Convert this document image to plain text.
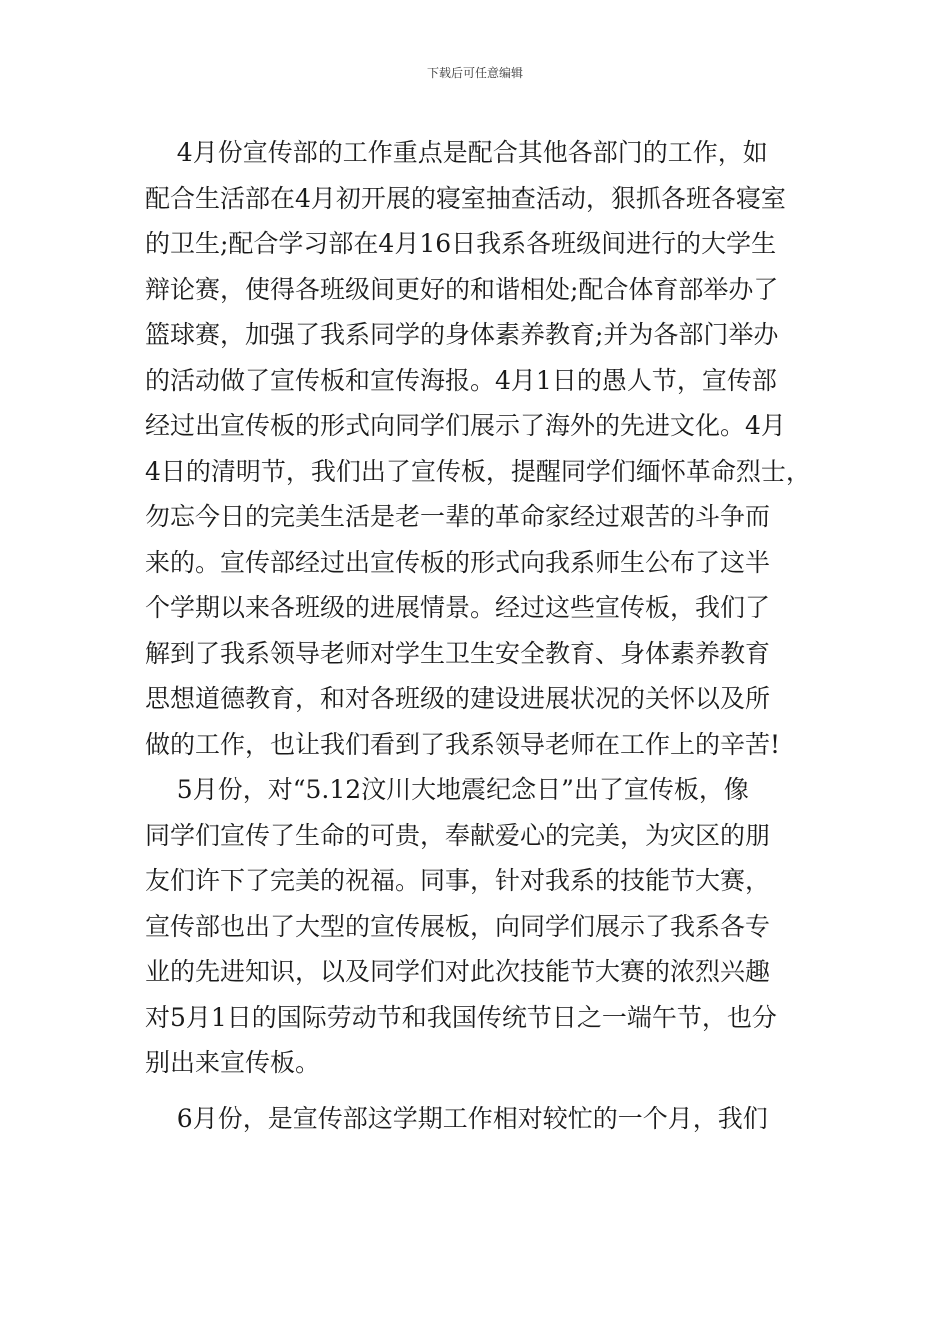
下载后可任意编辑
4月份宣传部的工作重点是配合其他各部门的工作，如
配合生活部在4月初开展的寝室抽查活动，狠抓各班各寝室
的卫生;配合学习部在4月16日我系各班级间进行的大学生
辩论赛，使得各班级间更好的和谐相处;配合体育部举办了
篮球赛，加强了我系同学的身体素养教育;并为各部门举办
的活动做了宣传板和宣传海报。4月1日的愚人节，宣传部
经过出宣传板的形式向同学们展示了海外的先进文化。4月
4日的清明节，我们出了宣传板，提醒同学们缅怀革命烈士，
勿忘今日的完美生活是老一辈的革命家经过艰苦的斗争而
来的。宣传部经过出宣传板的形式向我系师生公布了这半
个学期以来各班级的进展情景。经过这些宣传板，我们了
解到了我系领导老师对学生卫生安全教育、身体素养教育
思想道德教育，和对各班级的建设进展状况的关怀以及所
做的工作，也让我们看到了我系领导老师在工作上的辛苦!
5月份，对“5.12汶川大地震纪念日”出了宣传板，像
同学们宣传了生命的可贵，奉献爱心的完美，为灾区的朋
友们许下了完美的祝福。同事，针对我系的技能节大赛，
宣传部也出了大型的宣传展板，向同学们展示了我系各专
业的先进知识，以及同学们对此次技能节大赛的浓烈兴趣
对5月1日的国际劳动节和我国传统节日之一端午节，也分
别出来宣传板。
6月份，是宣传部这学期工作相对较忙的一个月，我们
